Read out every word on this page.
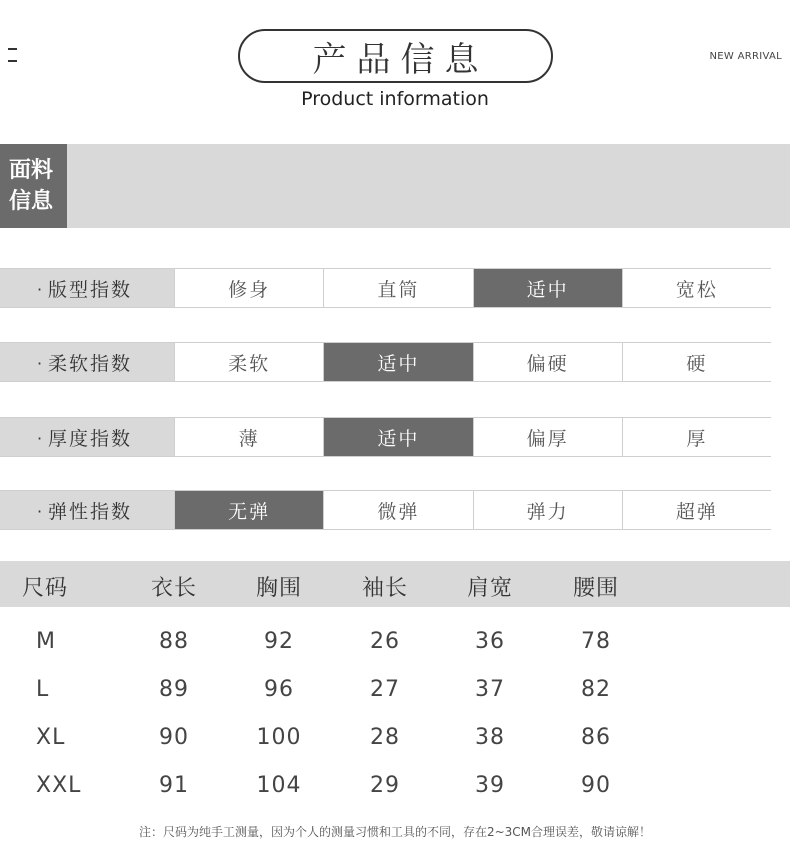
产品信息
Product information
NEW ARRIVAL
面料
信息
· 版型指数	修身	直筒	适中	宽松
· 柔软指数	柔软	适中	偏硬	硬
· 厚度指数	薄	适中	偏厚	厚
· 弹性指数	无弹	微弹	弹力	超弹
尺码	衣长	胸围	袖长	肩宽	腰围
M	88	92	26	36	78
L	89	96	27	37	82
XL	90	100	28	38	86
XXL	91	104	29	39	90
注：尺码为纯手工测量，因为个人的测量习惯和工具的不同，存在2~3CM合理误差，敬请谅解！
